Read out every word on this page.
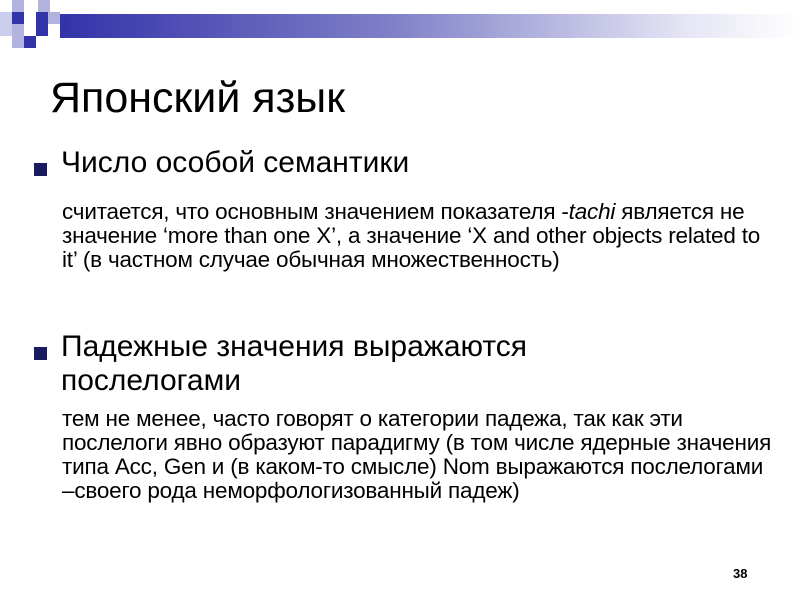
Японский язык
Число особой семантики
считается, что основным значением показателя -tachi является не значение ‘more than one X’, а значение ‘X and other objects related to it’ (в частном случае обычная множественность)
Падежные значения выражаются послелогами
тем не менее, часто говорят о категории падежа, так как эти послелоги явно образуют парадигму (в том числе ядерные значения типа Acc, Gen и (в каком-то смысле) Nom выражаются послелогами –своего рода неморфологизованный падеж)
38
